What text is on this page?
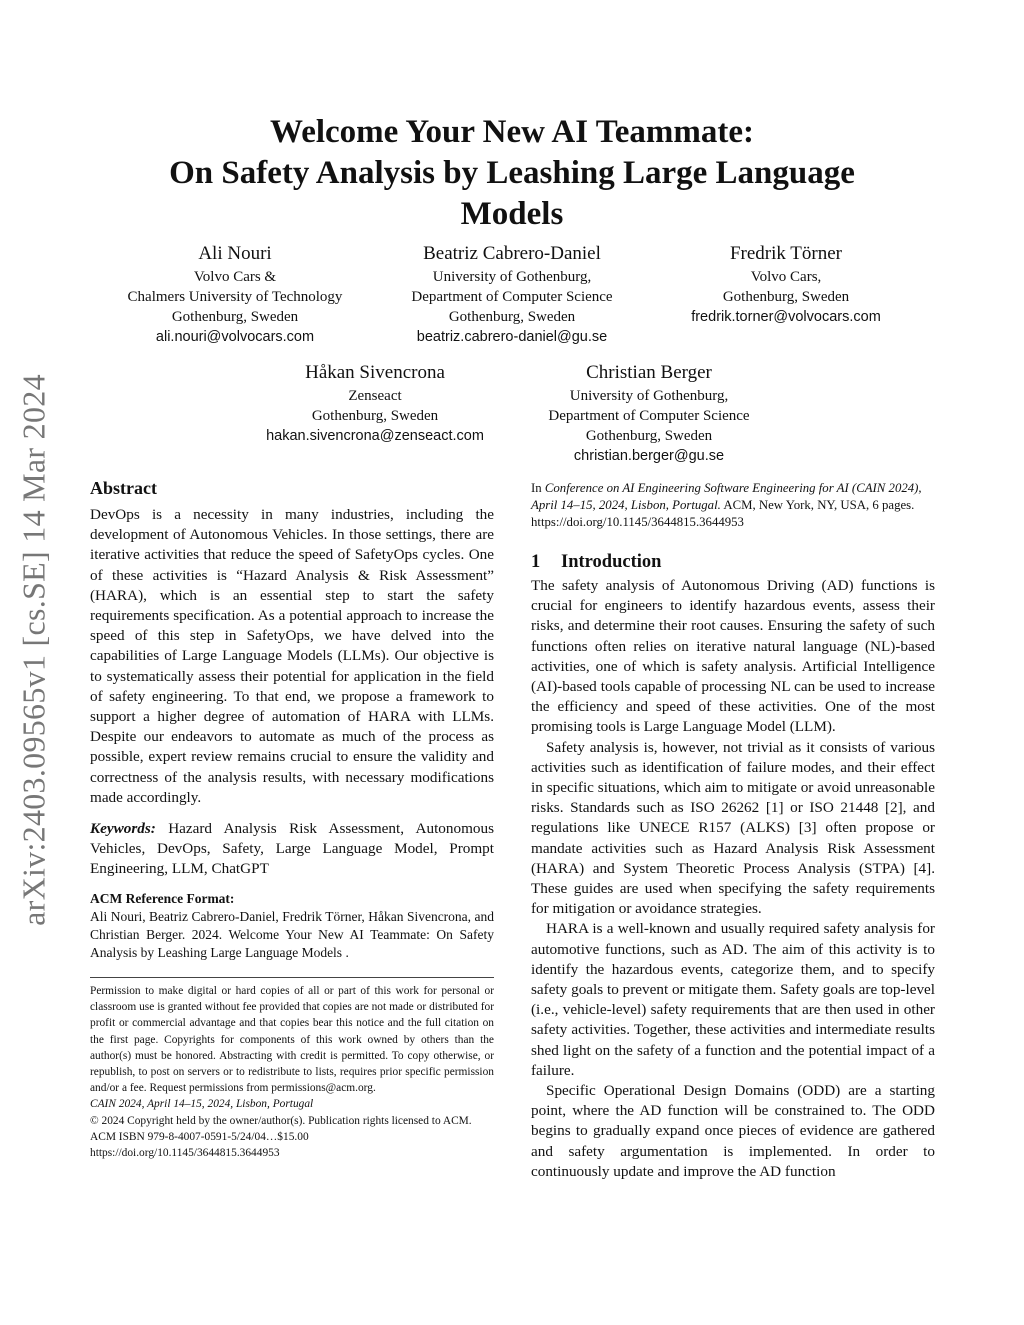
arXiv:2403.09565v1 [cs.SE] 14 Mar 2024
Welcome Your New AI Teammate:
On Safety Analysis by Leashing Large Language
Models
Ali Nouri
Volvo Cars &
Chalmers University of Technology
Gothenburg, Sweden
ali.nouri@volvocars.com
Beatriz Cabrero-Daniel
University of Gothenburg,
Department of Computer Science
Gothenburg, Sweden
beatriz.cabrero-daniel@gu.se
Fredrik Törner
Volvo Cars,
Gothenburg, Sweden
fredrik.torner@volvocars.com
Håkan Sivencrona
Zenseact
Gothenburg, Sweden
hakan.sivencrona@zenseact.com
Christian Berger
University of Gothenburg,
Department of Computer Science
Gothenburg, Sweden
christian.berger@gu.se
Abstract

DevOps is a necessity in many industries, including the development of Autonomous Vehicles. In those settings, there are iterative activities that reduce the speed of SafetyOps cycles. One of these activities is “Hazard Analysis & Risk Assessment” (HARA), which is an essential step to start the safety requirements specification. As a potential approach to increase the speed of this step in SafetyOps, we have delved into the capabilities of Large Language Models (LLMs). Our objective is to systematically assess their potential for application in the field of safety engineering. To that end, we propose a framework to support a higher degree of automation of HARA with LLMs. Despite our endeavors to automate as much of the process as possible, expert review remains crucial to ensure the validity and correctness of the analysis results, with necessary modifications made accordingly.

Keywords: Hazard Analysis Risk Assessment, Autonomous Vehicles, DevOps, Safety, Large Language Model, Prompt Engineering, LLM, ChatGPT

ACM Reference Format:

Ali Nouri, Beatriz Cabrero-Daniel, Fredrik Törner, Håkan Sivencrona, and Christian Berger. 2024. Welcome Your New AI Teammate: On Safety Analysis by Leashing Large Language Models .

Permission to make digital or hard copies of all or part of this work for personal or classroom use is granted without fee provided that copies are not made or distributed for profit or commercial advantage and that copies bear this notice and the full citation on the first page. Copyrights for components of this work owned by others than the author(s) must be honored. Abstracting with credit is permitted. To copy otherwise, or republish, to post on servers or to redistribute to lists, requires prior specific permission and/or a fee. Request permissions from permissions@acm.org.

CAIN 2024, April 14–15, 2024, Lisbon, Portugal

© 2024 Copyright held by the owner/author(s). Publication rights licensed to ACM.

ACM ISBN 979-8-4007-0591-5/24/04…$15.00

https://doi.org/10.1145/3644815.3644953

In Conference on AI Engineering Software Engineering for AI (CAIN 2024), April 14–15, 2024, Lisbon, Portugal. ACM, New York, NY, USA, 6 pages. https://doi.org/10.1145/3644815.3644953

1 Introduction

The safety analysis of Autonomous Driving (AD) functions is crucial for engineers to identify hazardous events, assess their risks, and determine their root causes. Ensuring the safety of such functions often relies on iterative natural language (NL)-based activities, one of which is safety analysis. Artificial Intelligence (AI)-based tools capable of processing NL can be used to increase the efficiency and speed of these activities. One of the most promising tools is Large Language Model (LLM).

Safety analysis is, however, not trivial as it consists of various activities such as identification of failure modes, and their effect in specific situations, which aim to mitigate or avoid unreasonable risks. Standards such as ISO 26262 [1] or ISO 21448 [2], and regulations like UNECE R157 (ALKS) [3] often propose or mandate activities such as Hazard Analysis Risk Assessment (HARA) and System Theoretic Process Analysis (STPA) [4]. These guides are used when specifying the safety requirements for mitigation or avoidance strategies.

HARA is a well-known and usually required safety analysis for automotive functions, such as AD. The aim of this activity is to identify the hazardous events, categorize them, and to specify safety goals to prevent or mitigate them. Safety goals are top-level (i.e., vehicle-level) safety requirements that are then used in other safety activities. Together, these activities and intermediate results shed light on the safety of a function and the potential impact of a failure.

Specific Operational Design Domains (ODD) are a starting point, where the AD function will be constrained to. The ODD begins to gradually expand once pieces of evidence are gathered and safety argumentation is implemented. In order to continuously update and improve the AD function
